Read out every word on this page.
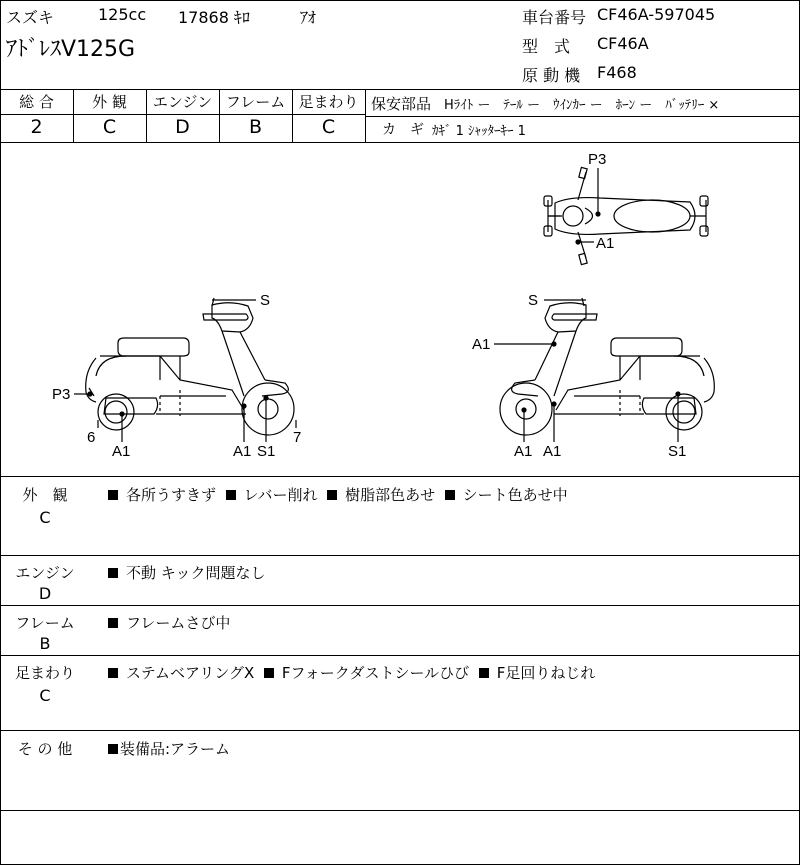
スズキ	125cc 17868 ｷﾛ	ｱｵ
ｱﾄﾞﾚｽV125G
車台番号 CF46A-597045
型　式 CF46A
原 動 機 F468
総 合	外 観	エンジン フレーム 足まわり
2	C	D	B	C
保安部品 Hﾗｲﾄ ー　ﾃｰﾙ ー　ｳｲﾝｶｰ ー　ﾎｰﾝ ー　ﾊﾞｯﾃﾘｰ ×
カ　ギ ｶｷﾞ 1 ｼｬｯﾀｰｷｰ 1
P3
A1
S
P3
6
A1	A1 S1
7
S
A1
A1 A1	S1
外　観
C
各所うすきず レバー削れ 樹脂部色あせ シート色あせ中
エンジン
D
不動 キック問題なし
フレーム
B
フレームさび中
足まわり
C
ステムベアリングX Fフォークダストシールひび F足回りねじれ
そ の 他	装備品:アラーム
